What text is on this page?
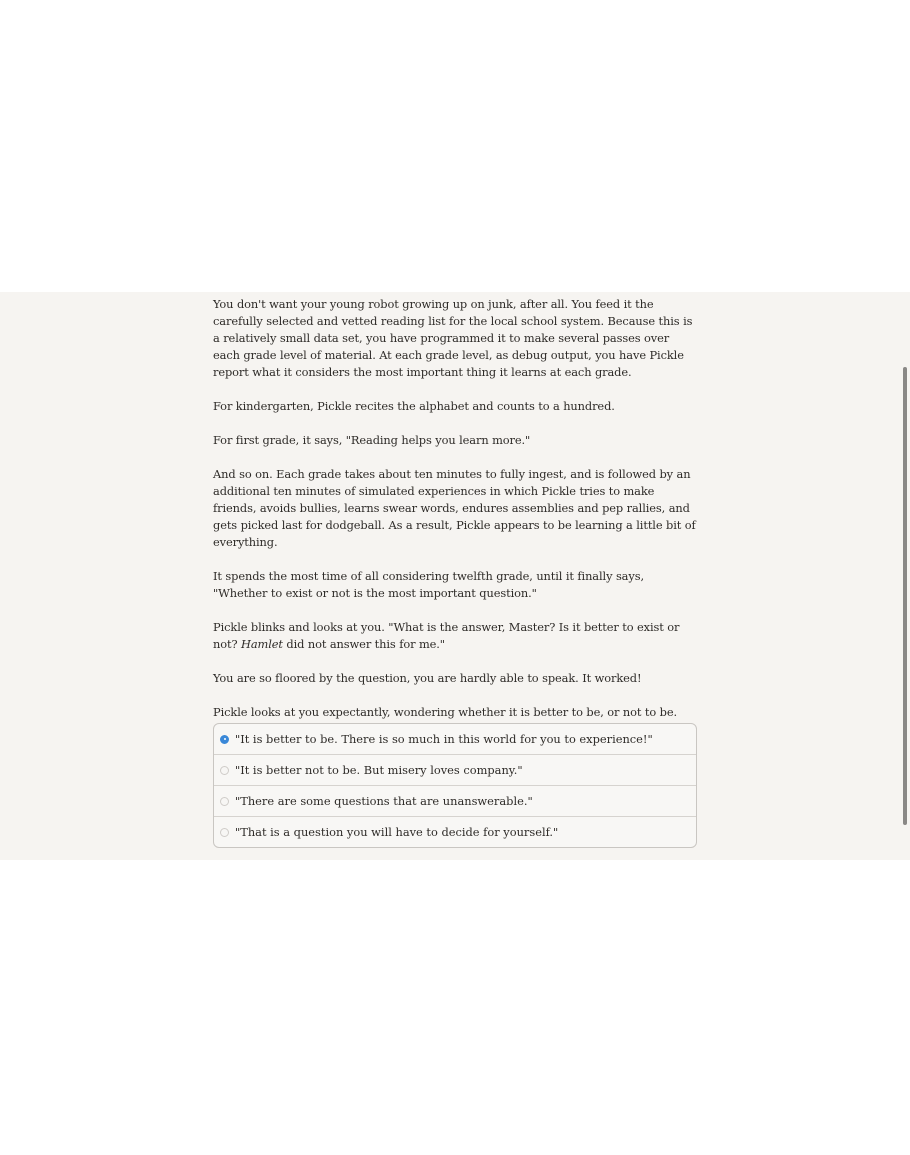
You don't want your young robot growing up on junk, after all. You feed it the carefully selected and vetted reading list for the local school system. Because this is a relatively small data set, you have programmed it to make several passes over each grade level of material. At each grade level, as debug output, you have Pickle report what it considers the most important thing it learns at each grade.

For kindergarten, Pickle recites the alphabet and counts to a hundred.

For first grade, it says, "Reading helps you learn more."

And so on. Each grade takes about ten minutes to fully ingest, and is followed by an additional ten minutes of simulated experiences in which Pickle tries to make friends, avoids bullies, learns swear words, endures assemblies and pep rallies, and gets picked last for dodgeball. As a result, Pickle appears to be learning a little bit of everything.

It spends the most time of all considering twelfth grade, until it finally says, "Whether to exist or not is the most important question."

Pickle blinks and looks at you. "What is the answer, Master? Is it better to exist or not? Hamlet did not answer this for me."

You are so floored by the question, you are hardly able to speak. It worked!

Pickle looks at you expectantly, wondering whether it is better to be, or not to be.

"It is better to be. There is so much in this world for you to experience!"
"It is better not to be. But misery loves company."
"There are some questions that are unanswerable."
"That is a question you will have to decide for yourself."
